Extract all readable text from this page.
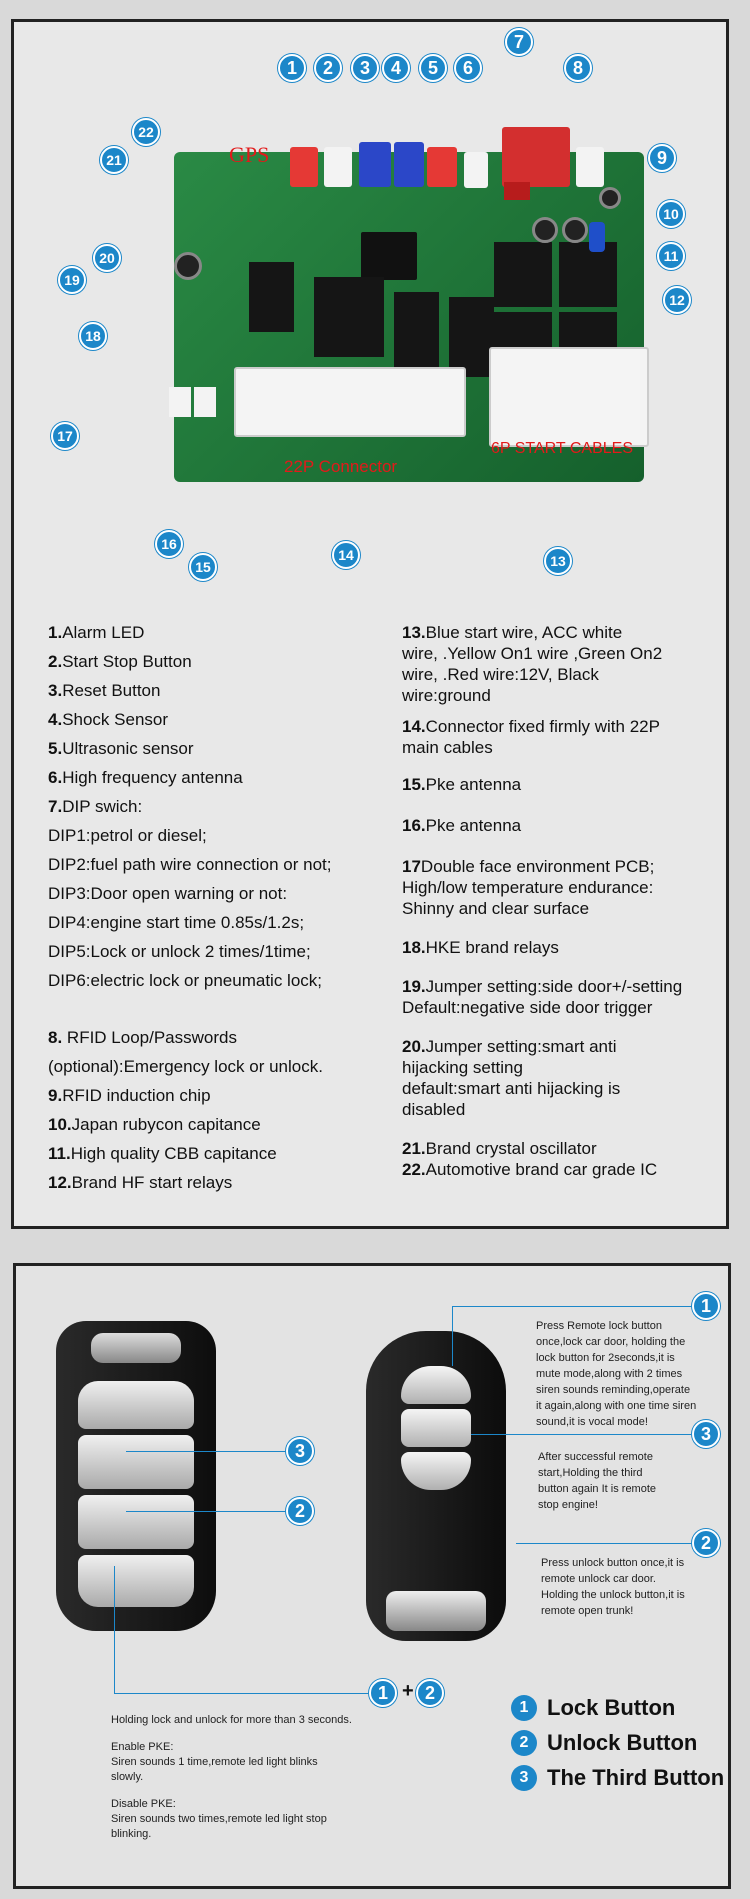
GPS
22P Connector
6P START CABLES
1	2	3	4	5	6
7
8
9
10
11
12
13
14
15
16
17
18
19
20
21
22
1.Alarm LED
2.Start Stop Button
3.Reset Button
4.Shock Sensor
5.Ultrasonic sensor
6.High frequency antenna
7.DIP swich:
DIP1:petrol or diesel;
DIP2:fuel path wire connection or not;
DIP3:Door open warning or not:
DIP4:engine start time 0.85s/1.2s;
DIP5:Lock or unlock 2 times/1time;
DIP6:electric lock or pneumatic lock;
8. RFID Loop/Passwords
(optional):Emergency lock or unlock.
9.RFID induction chip
10.Japan rubycon capitance
11.High quality CBB capitance
12.Brand HF start relays
13.Blue start wire, ACC white
wire, .Yellow On1 wire ,Green On2
wire, .Red wire:12V, Black
wire:ground
14.Connector fixed firmly with 22P
main cables
15.Pke antenna
16.Pke antenna
17Double face environment PCB;
High/low temperature endurance:
Shinny and clear surface
18.HKE brand relays
19.Jumper setting:side door+/-setting
Default:negative side door trigger
20.Jumper setting:smart anti
hijacking setting
default:smart anti hijacking is
disabled
21.Brand crystal oscillator
22.Automotive brand car grade IC
3
2
1 + 2
Holding lock and unlock for more than 3 seconds.
Enable PKE:
Siren sounds 1 time,remote led light blinks
slowly.
Disable PKE:
Siren sounds two times,remote led light stop
blinking.
1
Press Remote lock button
once,lock car door, holding the
lock button for 2seconds,it is
mute mode,along with 2 times
siren sounds reminding,operate
it again,along with one time siren
sound,it is vocal mode!
3
After successful remote
start,Holding the third
button again It is remote
stop engine!
2
Press unlock button once,it is
remote unlock car door.
Holding the unlock button,it is
remote open trunk!
1 Lock Button
2 Unlock Button
3 The Third Button
